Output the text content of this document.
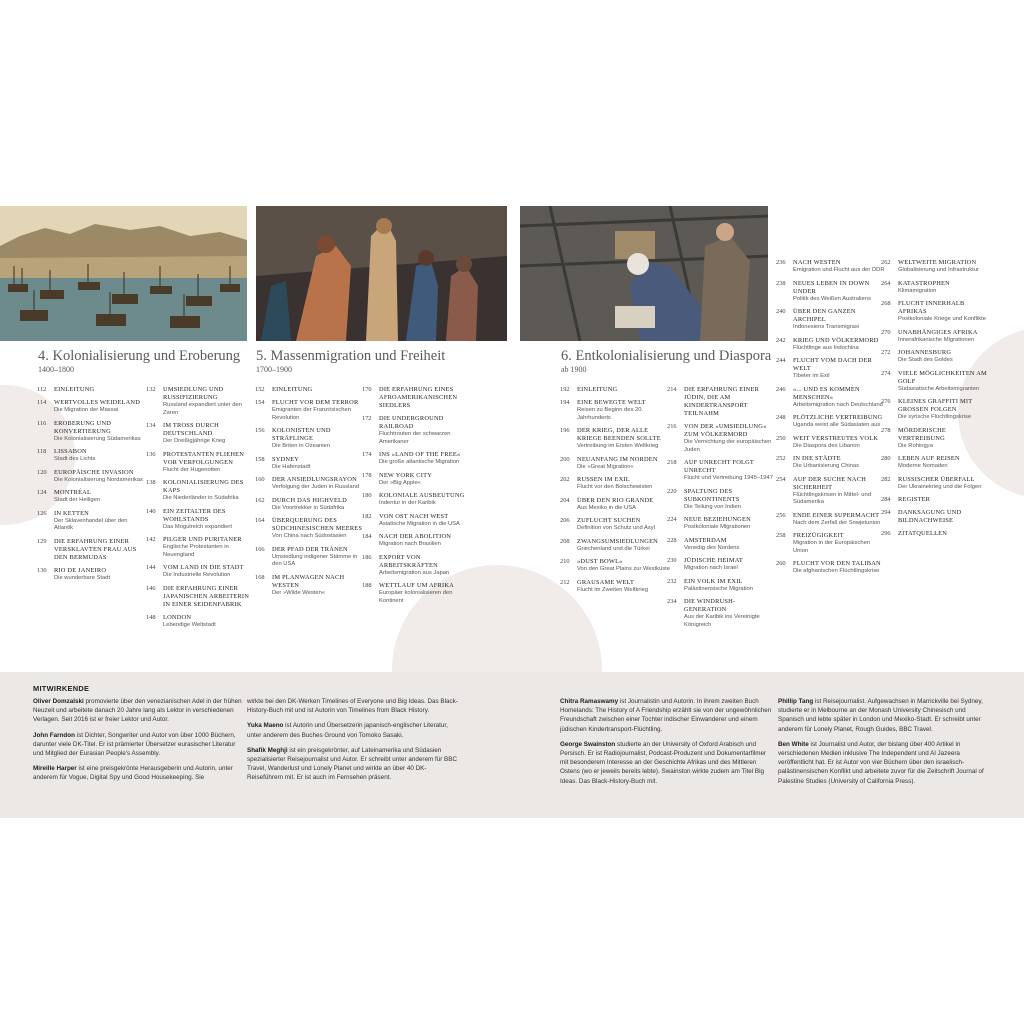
4. Kolonialisierung und Eroberung
1400–1800
5. Massenmigration und Freiheit
1700–1900
6. Entkolonialisierung und Diaspora
ab 1900
112	EINLEITUNG
114	WERTVOLLES WEIDELAND
Die Migration der Massai
116	EROBERUNG UND KONVERTIERUNG
Die Kolonialisierung Südamerikas
118	LISSABON
Stadt des Lichts
120	EUROPÄISCHE INVASION
Die Kolonialisierung Nordamerikas
124	MONTRÉAL
Stadt der Heiligen
126	IN KETTEN
Der Sklavenhandel über den Atlantik
129	DIE ERFAHRUNG EINER VERSKLAVTEN FRAU AUS DEN BERMUDAS
130	RIO DE JANEIRO
Die wunderbare Stadt
132	UMSIEDLUNG UND RUSSIFIZIERUNG
Russland expandiert unter den Zaren
134	IM TROSS DURCH DEUTSCHLAND
Der Dreißigjährige Krieg
136	PROTESTANTEN FLIEHEN VOR VERFOLGUNGEN
Flucht der Hugenotten
138	KOLONIALISIERUNG DES KAPS
Die Niederländer in Südafrika
140	EIN ZEITALTER DES WOHLSTANDS
Das Mogulreich expandiert
142	PILGER UND PURITANER
Englische Protestanten in Neuengland
144	VOM LAND IN DIE STADT
Die Industrielle Revolution
146	DIE ERFAHRUNG EINER JAPANISCHEN ARBEITERIN IN EINER SEIDENFABRIK
148	LONDON
Lebendige Weltstadt
152	EINLEITUNG
154	FLUCHT VOR DEM TERROR
Emigranten der Französischen Revolution
156	KOLONISTEN UND STRÄFLINGE
Die Briten in Ozeanien
158	SYDNEY
Die Hafenstadt
160	DER ANSIEDLUNGSRAYON
Verfolgung der Juden in Russland
162	DURCH DAS HIGHVELD
Die Voortrekker in Südafrika
164	ÜBERQUERUNG DES SÜDCHINESISCHEN MEERES
Von China nach Südostasien
166	DER PFAD DER TRÄNEN
Umsiedlung indigener Stämme in den USA
168	IM PLANWAGEN NACH WESTEN
Der »Wilde Westen«
170	DIE ERFAHRUNG EINES AFROAMERIKANISCHEN SIEDLERS
172	DIE UNDERGROUND RAILROAD
Fluchtrouten der schwarzen Amerikaner
174	INS »LAND OF THE FREE«
Die große atlantische Migration
178	NEW YORK CITY
Der »Big Apple«
180	KOLONIALE AUSBEUTUNG
Indentur in der Karibik
182	VON OST NACH WEST
Asiatische Migration in die USA
184	NACH DER ABOLITION
Migration nach Brasilien
186	EXPORT VON ARBEITSKRÄFTEN
Arbeitsmigration aus Japan
188	WETTLAUF UM AFRIKA
Europäer kolonialisieren den Kontinent
192	EINLEITUNG
194	EINE BEWEGTE WELT
Reisen zu Beginn des 20. Jahrhunderts
196	DER KRIEG, DER ALLE KRIEGE BEENDEN SOLLTE
Vertreibung im Ersten Weltkrieg
200	NEUANFANG IM NORDEN
Die »Great Migration«
202	RUSSEN IM EXIL
Flucht vor den Bolschewisten
204	ÜBER DEN RIO GRANDE
Aus Mexiko in die USA
206	ZUFLUCHT SUCHEN
Definition von Schutz und Asyl
208	ZWANGSUMSIEDLUNGEN
Griechenland und die Türkei
210	»DUST BOWL«
Von den Great Plains zur Westküste
212	GRAUSAME WELT
Flucht im Zweiten Weltkrieg
214	DIE ERFAHRUNG EINER JÜDIN, DIE AM KINDERTRANSPORT TEILNAHM
216	VON DER »UMSIEDLUNG« ZUM VÖLKERMORD
Die Vernichtung der europäischen Juden
218	AUF UNRECHT FOLGT UNRECHT
Flucht und Vertreibung 1945–1947
220	SPALTUNG DES SUBKONTINENTS
Die Teilung von Indien
224	NEUE BEZIEHUNGEN
Postkoloniale Migrationen
228	AMSTERDAM
Venedig des Nordens
230	JÜDISCHE HEIMAT
Migration nach Israel
232	EIN VOLK IM EXIL
Palästinensische Migration
234	DIE WINDRUSH-GENERATION
Aus der Karibik ins Vereinigte Königreich
236	NACH WESTEN
Emigration und Flucht aus der DDR
238	NEUES LEBEN IN DOWN UNDER
Politik des Weißen Australiens
240	ÜBER DEN GANZEN ARCHIPEL
Indonesiens Transmigrasi
242	KRIEG UND VÖLKERMORD
Flüchtlinge aus Indochina
244	FLUCHT VOM DACH DER WELT
Tibeter im Exil
246	»... UND ES KOMMEN MENSCHEN«
Arbeitsmigration nach Deutschland
248	PLÖTZLICHE VERTREIBUNG
Uganda weist alle Südasiaten aus
250	WEIT VERSTREUTES VOLK
Die Diaspora des Libanon
252	IN DIE STÄDTE
Die Urbanisierung Chinas
254	AUF DER SUCHE NACH SICHERHEIT
Flüchtlingskrisen in Mittel- und Südamerika
256	ENDE EINER SUPERMACHT
Nach dem Zerfall der Sowjetunion
258	FREIZÜGIGKEIT
Migration in der Europäischen Union
260	FLUCHT VOR DEN TALIBAN
Die afghanischen Flüchtlingskrise
262	WELTWEITE MIGRATION
Globalisierung und Infrastruktur
264	KATASTROPHEN
Klimamigration
268	FLUCHT INNERHALB AFRIKAS
Postkoloniale Kriege und Konflikte
270	UNABHÄNGIGES AFRIKA
Innerafrikanische Migrationen
272	JOHANNESBURG
Die Stadt des Goldes
274	VIELE MÖGLICHKEITEN AM GOLF
Südasiatische Arbeitsmigranten
276	KLEINES GRAFFITI MIT GROSSEN FOLGEN
Die syrische Flüchtlingskrise
278	MÖRDERISCHE VERTREIBUNG
Die Rohingya
280	LEBEN AUF REISEN
Moderne Nomaden
282	RUSSISCHER ÜBERFALL
Der Ukrainekrieg und die Folgen
284	REGISTER
294	DANKSAGUNG UND BILDNACHWEISE
296	ZITATQUELLEN
MITWIRKENDE

Oliver Domzalski promovierte über den venezianischen Adel in der frühen Neuzeit und arbeitete danach 20 Jahre lang als Lektor in verschiedenen Verlagen. Seit 2016 ist er freier Lektor und Autor.

John Farndon ist Dichter, Songwriter und Autor von über 1000 Büchern, darunter viele DK-Titel. Er ist prämierter Übersetzer eurasischer Literatur und Mitglied der Eurasian People's Assembly.

Mireille Harper ist eine preisgekrönte Herausgeberin und Autorin, unter anderem für Vogue, Digital Spy und Good Housekeeping. Sie

wirkte bei den DK-Werken Timelines of Everyone und Big Ideas. Das Black-History-Buch mit und ist Autorin von Timelines from Black History.

Yuka Maeno ist Autorin und Übersetzerin japanisch-englischer Literatur, unter anderem des Buches Ground von Tomoko Sasaki.

Shafik Meghji ist ein preisgekrönter, auf Lateinamerika und Südasien spezialisierter Reisejournalist und Autor. Er schreibt unter anderem für BBC Travel, Wanderlust und Lonely Planet und wirkte an über 40 DK-Reiseführern mit. Er ist auch im Fernsehen präsent.

Chitra Ramaswamy ist Journalistin und Autorin. In ihrem zweiten Buch Homelands: The History of A Friendship erzählt sie von der ungewöhnlichen Freundschaft zwischen einer Tochter indischer Einwanderer und einem jüdischen Kindertransport-Flüchtling.

George Swainston studierte an der University of Oxford Arabisch und Persisch. Er ist Radiojournalist, Podcast-Produzent und Dokumentarfilmer mit besonderem Interesse an der Geschichte Afrikas und des Mittleren Ostens (wo er jeweils bereits lebte). Swainston wirkte zudem am Titel Big Ideas. Das Black-History-Buch mit.

Phillip Tang ist Reisejournalist. Aufgewachsen in Marrickville bei Sydney, studierte er in Melbourne an der Monash University Chinesisch und Spanisch und lebte später in London und Mexiko-Stadt. Er schreibt unter anderem für Lonely Planet, Rough Guides, BBC Travel.

Ben White ist Journalist und Autor, der bislang über 400 Artikel in verschiedenen Medien inklusive The Independent und Al Jazeera veröffentlicht hat. Er ist Autor von vier Büchern über den israelisch-palästinensischen Konflikt und arbeitete zuvor für die Zeitschrift Journal of Palestine Studies (University of California Press).
